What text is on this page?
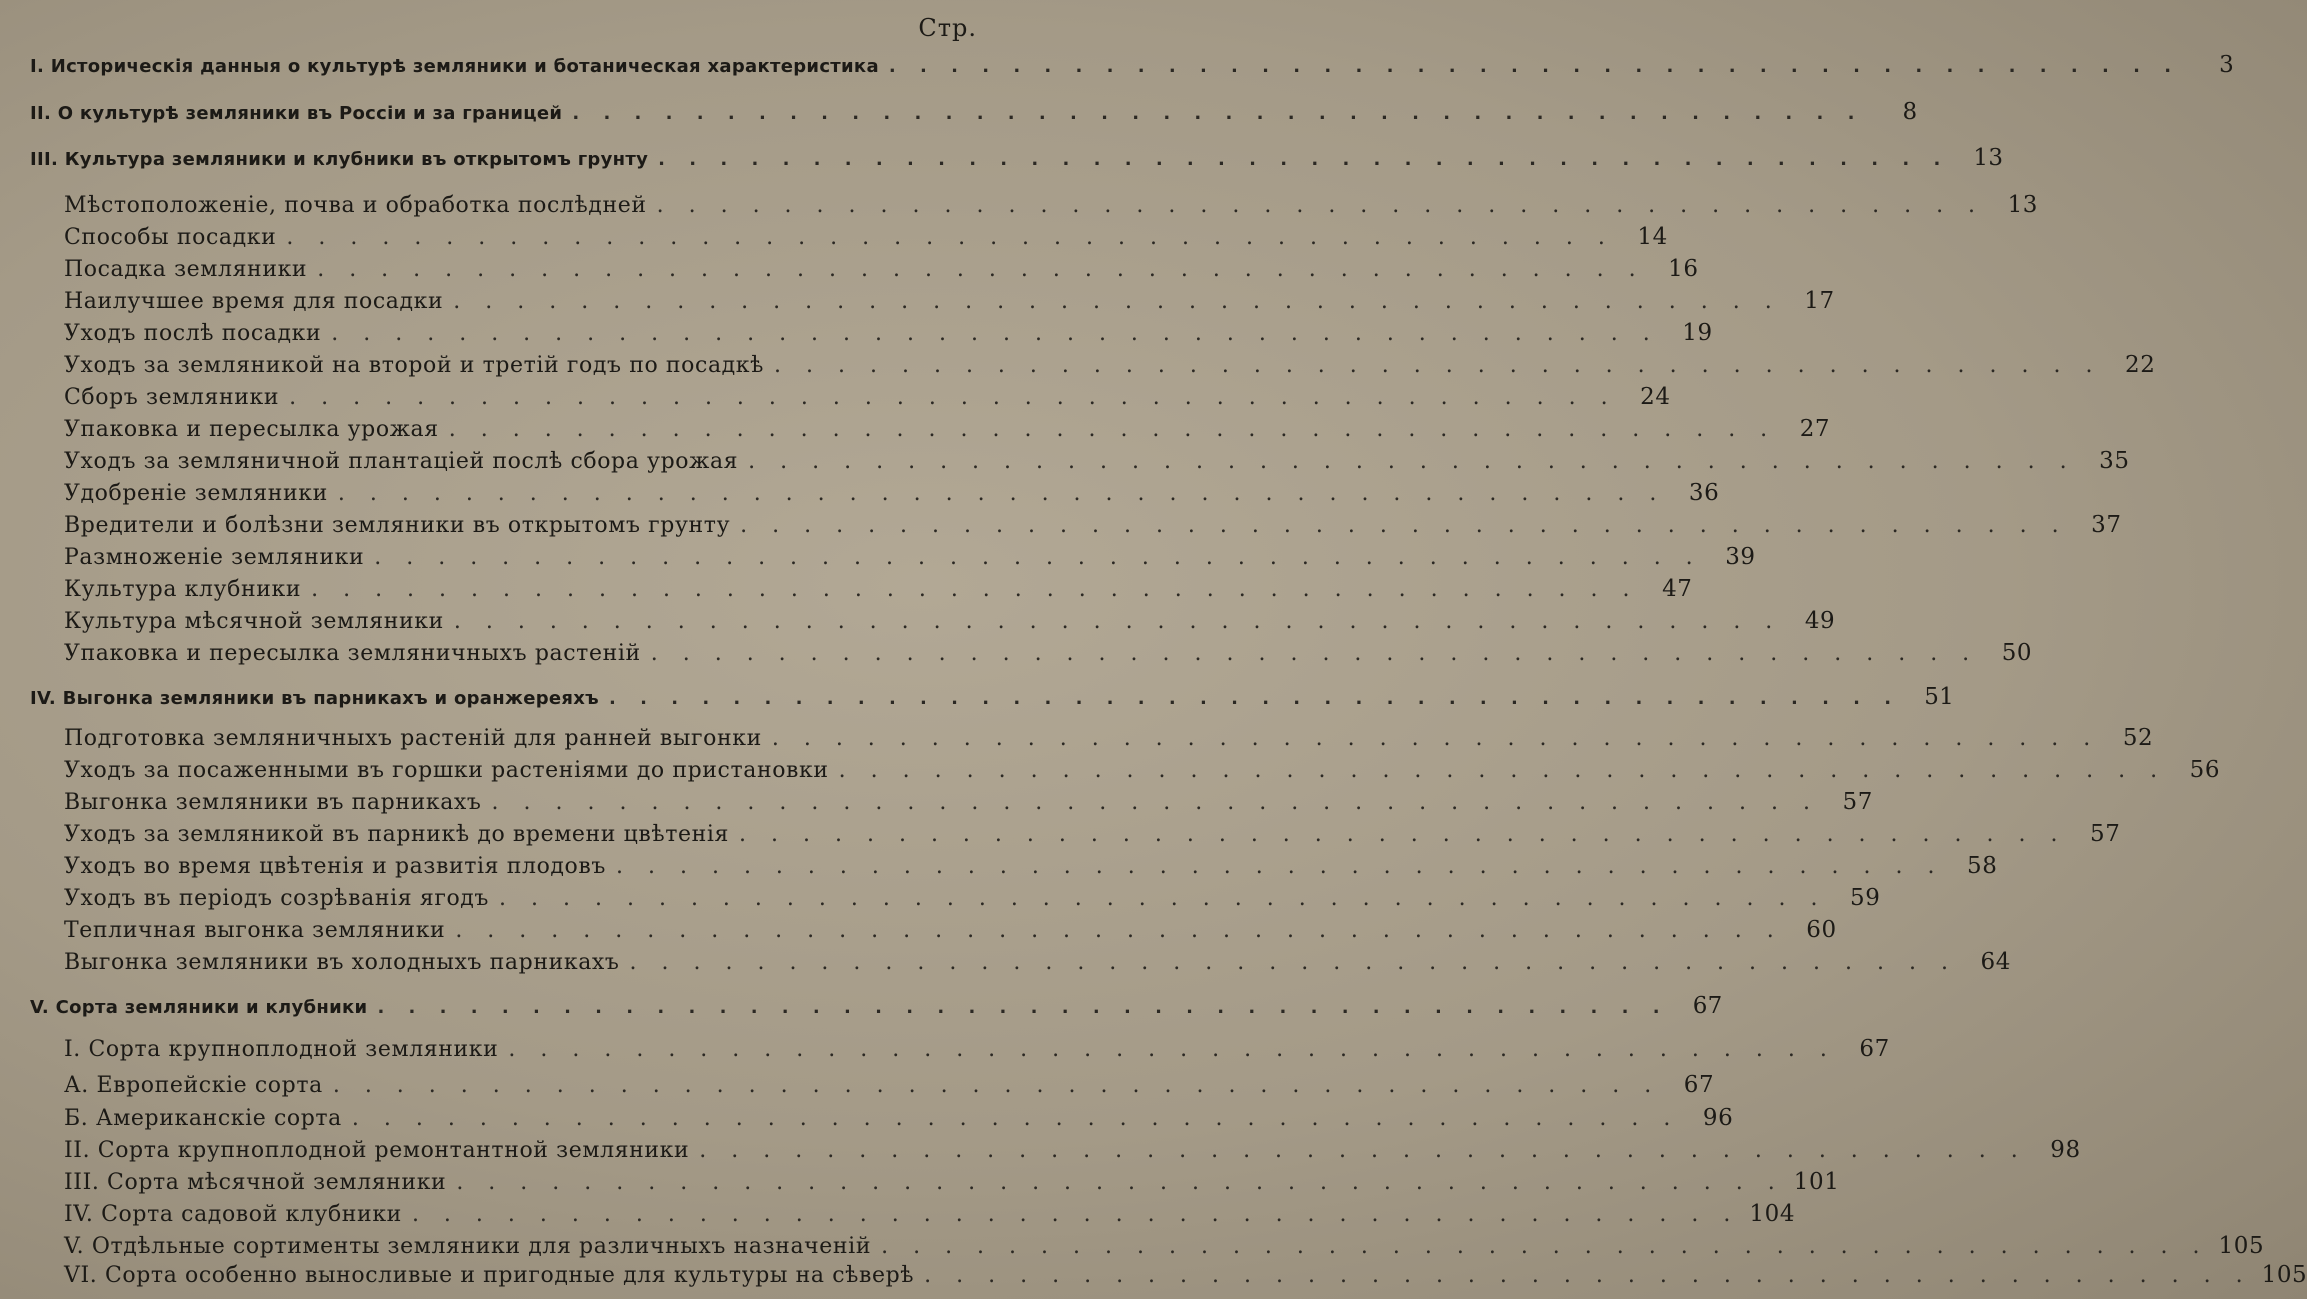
Стр.
I. Историческія данныя о культурѣ земляники и ботаническая характеристика . . . . . . . . . . . . . . . . . . . . . . . . . . . . . . . . . . . . . . . . . .	3
II. О культурѣ земляники въ Россіи и за границей . . . . . . . . . . . . . . . . . . . . . . . . . . . . . . . . . . . . . . . . . .	8
III. Культура земляники и клубники въ открытомъ грунту . . . . . . . . . . . . . . . . . . . . . . . . . . . . . . . . . . . . . . . . . .	13
Мѣстоположеніе, почва и обработка послѣдней . . . . . . . . . . . . . . . . . . . . . . . . . . . . . . . . . . . . . . . . . .	13
Способы посадки . . . . . . . . . . . . . . . . . . . . . . . . . . . . . . . . . . . . . . . . . .	14
Посадка земляники . . . . . . . . . . . . . . . . . . . . . . . . . . . . . . . . . . . . . . . . . .	16
Наилучшее время для посадки . . . . . . . . . . . . . . . . . . . . . . . . . . . . . . . . . . . . . . . . . .	17
Уходъ послѣ посадки . . . . . . . . . . . . . . . . . . . . . . . . . . . . . . . . . . . . . . . . . .	19
Уходъ за земляникой на второй и третій годъ по посадкѣ . . . . . . . . . . . . . . . . . . . . . . . . . . . . . . . . . . . . . . . . . .	22
Сборъ земляники . . . . . . . . . . . . . . . . . . . . . . . . . . . . . . . . . . . . . . . . . .	24
Упаковка и пересылка урожая . . . . . . . . . . . . . . . . . . . . . . . . . . . . . . . . . . . . . . . . . .	27
Уходъ за земляничной плантаціей послѣ сбора урожая . . . . . . . . . . . . . . . . . . . . . . . . . . . . . . . . . . . . . . . . . .	35
Удобреніе земляники . . . . . . . . . . . . . . . . . . . . . . . . . . . . . . . . . . . . . . . . . .	36
Вредители и болѣзни земляники въ открытомъ грунту . . . . . . . . . . . . . . . . . . . . . . . . . . . . . . . . . . . . . . . . . .	37
Размноженіе земляники . . . . . . . . . . . . . . . . . . . . . . . . . . . . . . . . . . . . . . . . . .	39
Культура клубники . . . . . . . . . . . . . . . . . . . . . . . . . . . . . . . . . . . . . . . . . .	47
Культура мѣсячной земляники . . . . . . . . . . . . . . . . . . . . . . . . . . . . . . . . . . . . . . . . . .	49
Упаковка и пересылка земляничныхъ растеній . . . . . . . . . . . . . . . . . . . . . . . . . . . . . . . . . . . . . . . . . .	50
IV. Выгонка земляники въ парникахъ и оранжереяхъ . . . . . . . . . . . . . . . . . . . . . . . . . . . . . . . . . . . . . . . . . .	51
Подготовка земляничныхъ растеній для ранней выгонки . . . . . . . . . . . . . . . . . . . . . . . . . . . . . . . . . . . . . . . . . .	52
Уходъ за посаженными въ горшки растеніями до пристановки . . . . . . . . . . . . . . . . . . . . . . . . . . . . . . . . . . . . . . . . . .	56
Выгонка земляники въ парникахъ . . . . . . . . . . . . . . . . . . . . . . . . . . . . . . . . . . . . . . . . . .	57
Уходъ за земляникой въ парникѣ до времени цвѣтенія . . . . . . . . . . . . . . . . . . . . . . . . . . . . . . . . . . . . . . . . . .	57
Уходъ во время цвѣтенія и развитія плодовъ . . . . . . . . . . . . . . . . . . . . . . . . . . . . . . . . . . . . . . . . . .	58
Уходъ въ періодъ созрѣванія ягодъ . . . . . . . . . . . . . . . . . . . . . . . . . . . . . . . . . . . . . . . . . .	59
Тепличная выгонка земляники . . . . . . . . . . . . . . . . . . . . . . . . . . . . . . . . . . . . . . . . . .	60
Выгонка земляники въ холодныхъ парникахъ . . . . . . . . . . . . . . . . . . . . . . . . . . . . . . . . . . . . . . . . . .	64
V. Сорта земляники и клубники . . . . . . . . . . . . . . . . . . . . . . . . . . . . . . . . . . . . . . . . . .	67
I. Сорта крупноплодной земляники . . . . . . . . . . . . . . . . . . . . . . . . . . . . . . . . . . . . . . . . . .	67
А. Европейскіе сорта . . . . . . . . . . . . . . . . . . . . . . . . . . . . . . . . . . . . . . . . . .	67
Б. Американскіе сорта . . . . . . . . . . . . . . . . . . . . . . . . . . . . . . . . . . . . . . . . . .	96
II. Сорта крупноплодной ремонтантной земляники . . . . . . . . . . . . . . . . . . . . . . . . . . . . . . . . . . . . . . . . . .	98
III. Сорта мѣсячной земляники . . . . . . . . . . . . . . . . . . . . . . . . . . . . . . . . . . . . . . . . . . 101
IV. Сорта садовой клубники . . . . . . . . . . . . . . . . . . . . . . . . . . . . . . . . . . . . . . . . . . 104
V. Отдѣльные сортименты земляники для различныхъ назначеній . . . . . . . . . . . . . . . . . . . . . . . . . . . . . . . . . . . . . . . . . . 105
VI. Сорта особенно выносливые и пригодные для культуры на сѣверѣ . . . . . . . . . . . . . . . . . . . . . . . . . . . . . . . . . . . . . . . . . . 105
